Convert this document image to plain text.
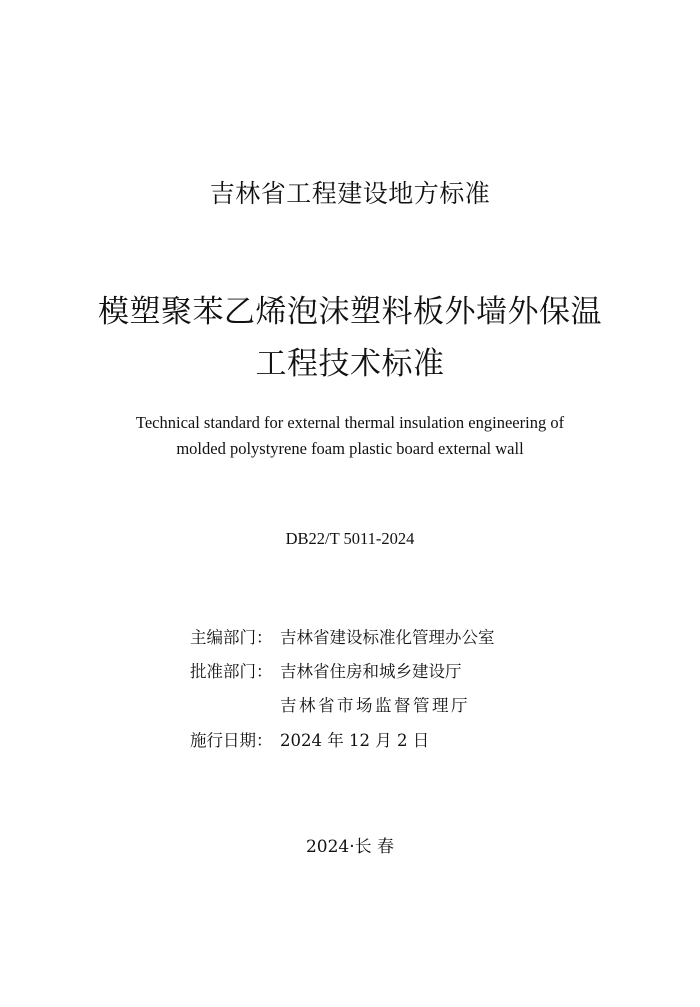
吉林省工程建设地方标准
模塑聚苯乙烯泡沫塑料板外墙外保温
工程技术标准
Technical standard for external thermal insulation engineering of
molded polystyrene foam plastic board external wall
DB22/T 5011-2024
主编部门： 吉林省建设标准化管理办公室
批准部门： 吉林省住房和城乡建设厅
吉林省市场监督管理厅
施行日期： 2024 年 12 月 2 日
2024·长 春
